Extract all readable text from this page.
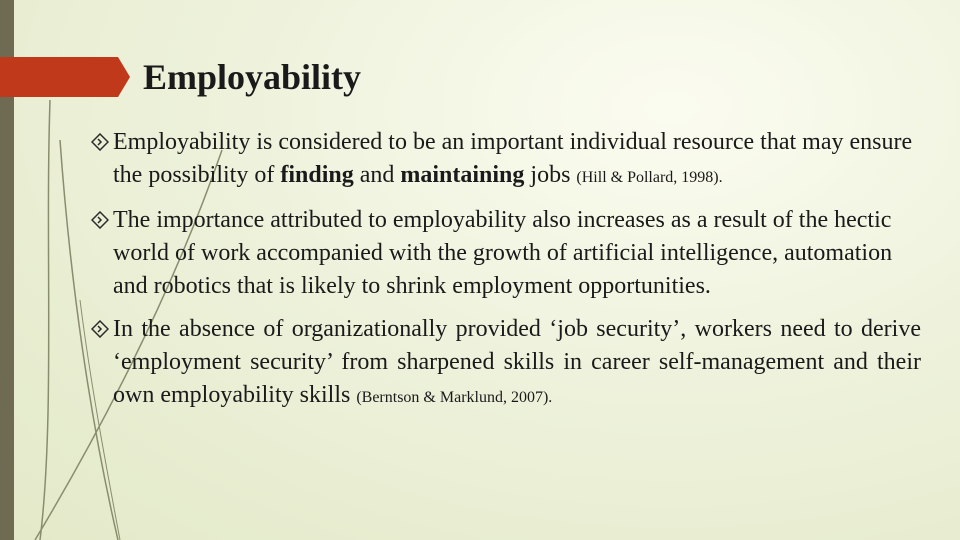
Employability
Employability is considered to be an important individual resource that may ensure the possibility of finding and maintaining jobs (Hill & Pollard, 1998).
The importance attributed to employability also increases as a result of the hectic world of work accompanied with the growth of artificial intelligence, automation and robotics that is likely to shrink employment opportunities.
In the absence of organizationally provided ‘job security’, workers need to derive ‘employment security’ from sharpened skills in career self-management and their own employability skills (Berntson & Marklund, 2007).
